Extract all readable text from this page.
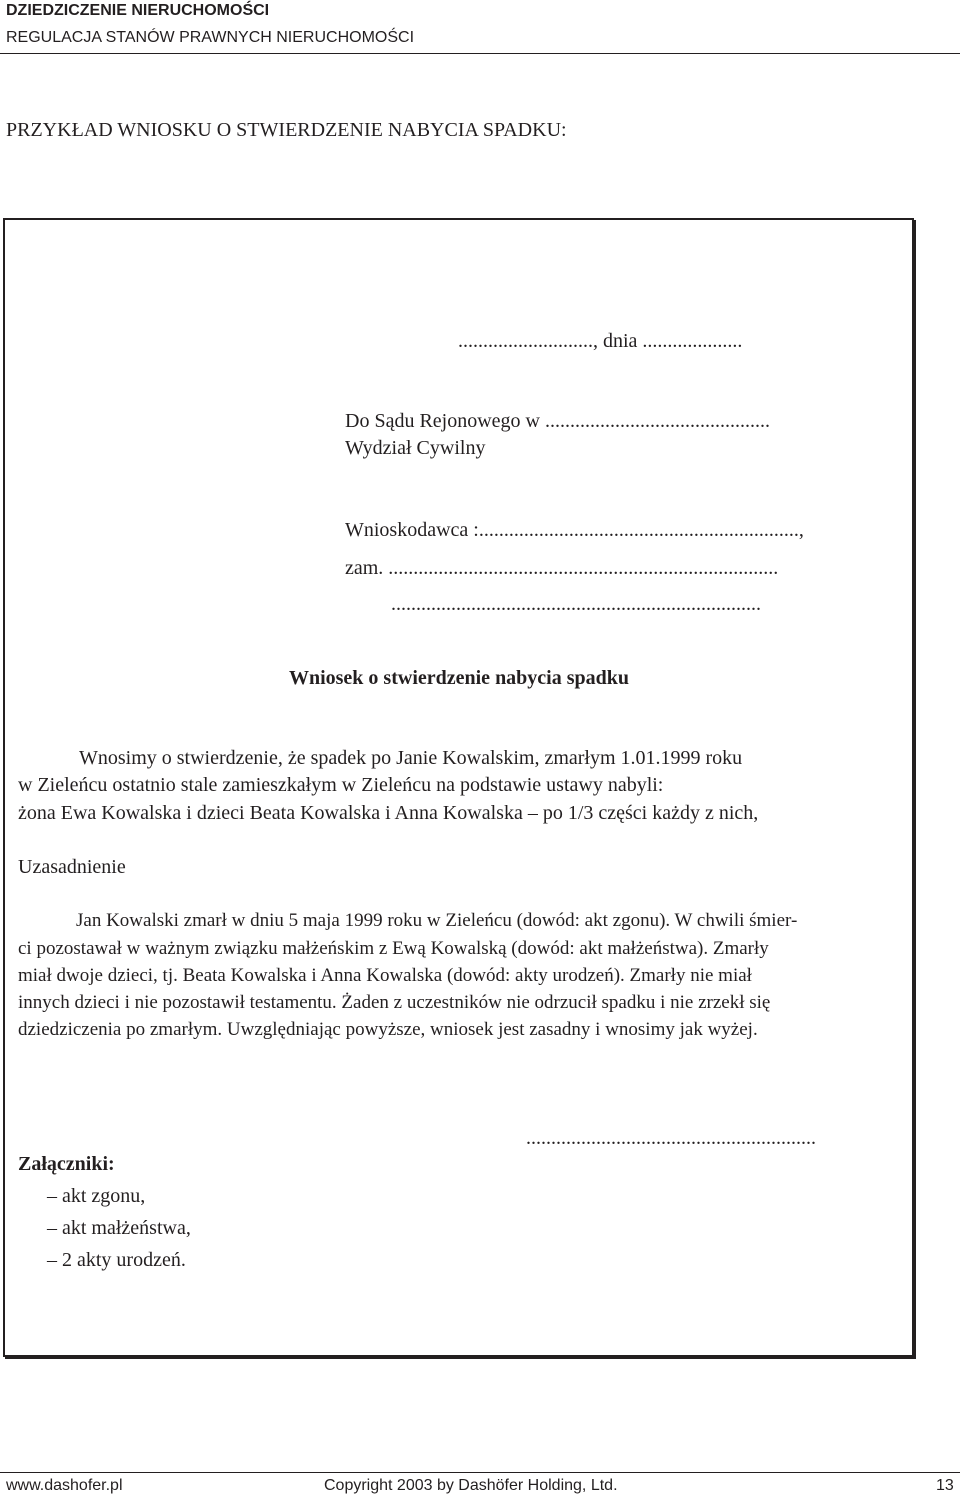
DZIEDZICZENIE NIERUCHOMOŚCI
REGULACJA STANÓW PRAWNYCH NIERUCHOMOŚCI
PRZYKŁAD WNIOSKU O STWIERDZENIE NABYCIA SPADKU:
..........................., dnia ....................
Do Sądu Rejonowego w .............................................
Wydział Cywilny
Wnioskodawca :................................................................,
zam. ..............................................................................
..........................................................................
Wniosek o stwierdzenie nabycia spadku
Wnosimy o stwierdzenie, że spadek po Janie Kowalskim, zmarłym 1.01.1999 roku
w Zieleńcu ostatnio stale zamieszkałym w Zieleńcu na podstawie ustawy nabyli:
żona Ewa Kowalska i dzieci Beata Kowalska i Anna Kowalska – po 1/3 części każdy z nich,
Uzasadnienie
Jan Kowalski zmarł w dniu 5 maja 1999 roku w Zieleńcu (dowód: akt zgonu). W chwili śmier-
ci pozostawał w ważnym związku małżeńskim z Ewą Kowalską (dowód: akt małżeństwa). Zmarły
miał dwoje dzieci, tj. Beata Kowalska i Anna Kowalska (dowód: akty urodzeń). Zmarły nie miał
innych dzieci i nie pozostawił testamentu. Żaden z uczestników nie odrzucił spadku i nie zrzekł się
dziedziczenia po zmarłym. Uwzględniając powyższe, wniosek jest zasadny i wnosimy jak wyżej.
..........................................................
Załączniki:
– akt zgonu,
– akt małżeństwa,
– 2 akty urodzeń.
www.dashofer.pl	Copyright 2003 by Dashöfer Holding, Ltd.	13
